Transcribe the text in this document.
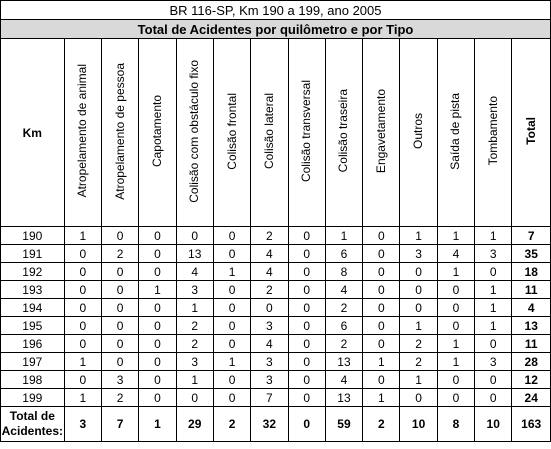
BR 116-SP, Km 190 a 199, ano 2005													
Total de Acidentes por quilômetro e por Tipo													
Km	Atropelamento de animal	Atropelamento de pessoa	Capotamento	Colisão com obstáculo fixo	Colisão frontal	Colisão lateral	Colisão transversal	Colisão traseira	Engavetamento	Outros	Saída de pista	Tombamento	Total
190	1	0	0	0	0	2	0	1	0	1	1	1	7
191	0	2	0	13	0	4	0	6	0	3	4	3	35
192	0	0	0	4	1	4	0	8	0	0	1	0	18
193	0	0	1	3	0	2	0	4	0	0	0	1	11
194	0	0	0	1	0	0	0	2	0	0	0	1	4
195	0	0	0	2	0	3	0	6	0	1	0	1	13
196	0	0	0	2	0	4	0	2	0	2	1	0	11
197	1	0	0	3	1	3	0	13	1	2	1	3	28
198	0	3	0	1	0	3	0	4	0	1	0	0	12
199	1	2	0	0	0	7	0	13	1	0	0	0	24
Total de Acidentes:	3	7	1	29	2	32	0	59	2	10	8	10	163
